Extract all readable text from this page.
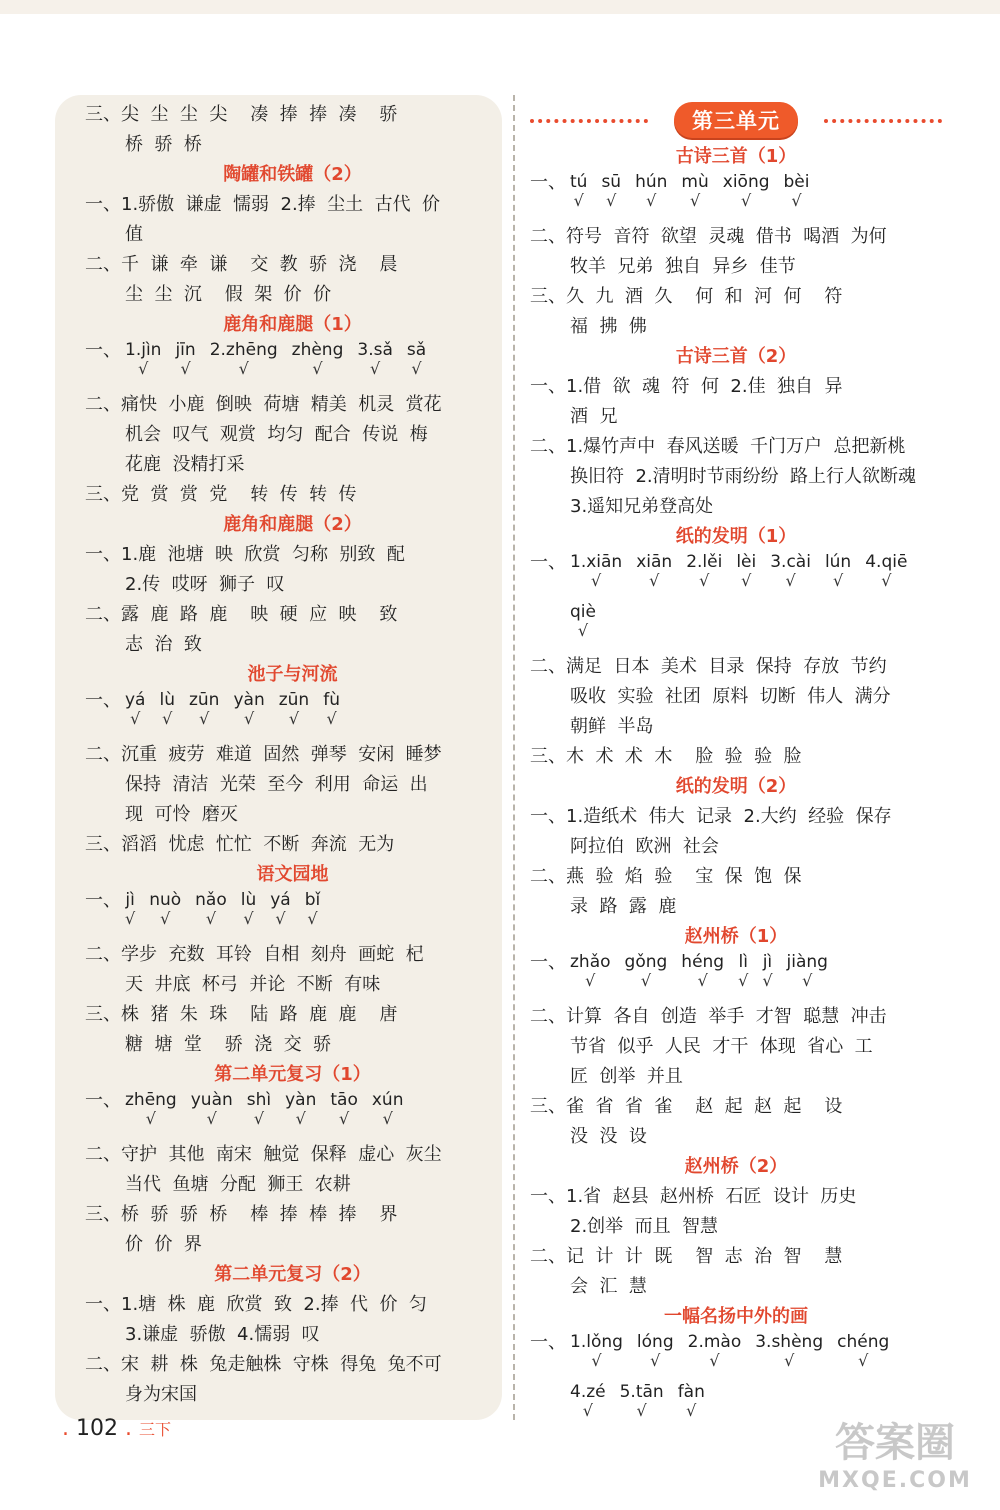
三、尖  尘  尘  尖    凑  捧  捧  凑    骄
桥  骄  桥
陶罐和铁罐（2）
一、1.骄傲  谦虚  懦弱  2.捧  尘土  古代  价
值
二、千  谦  牵  谦    交  教  骄  浇    晨
尘  尘  沉    假  架  价  价
鹿角和鹿腿（1）
一、 1.jìn
√
jīn
√
2.zhēng
√
zhèng
√
3.sǎ
√
sǎ
√
二、痛快  小鹿  倒映  荷塘  精美  机灵  赏花
机会  叹气  观赏  均匀  配合  传说  梅
花鹿  没精打采
三、党  赏  赏  党    转  传  转  传
鹿角和鹿腿（2）
一、1.鹿  池塘  映  欣赏  匀称  别致  配
2.传  哎呀  狮子  叹
二、露  鹿  路  鹿    映  硬  应  映    致
志  治  致
池子与河流
一、 yá
√
lù
√
zūn
√
yàn
√
zūn
√
fù
√
二、沉重  疲劳  难道  固然  弹琴  安闲  睡梦
保持  清洁  光荣  至今  利用  命运  出
现  可怜  磨灭
三、滔滔  忧虑  忙忙  不断  奔流  无为
语文园地
一、 jì
√
nuò
√
nǎo
√
lù
√
yá
√
bǐ
√
二、学步  充数  耳铃  自相  刻舟  画蛇  杞
天  井底  杯弓  并论  不断  有味
三、株  猪  朱  珠    陆  路  鹿  鹿    唐
糖  塘  堂    骄  浇  交  骄
第二单元复习（1）
一、 zhēng
√
yuàn
√
shì
√
yàn
√
tāo
√
xún
√
二、守护  其他  南宋  触觉  保释  虚心  灰尘
当代  鱼塘  分配  狮王  农耕
三、桥  骄  骄  桥    棒  捧  棒  捧    界
价  价  界
第二单元复习（2）
一、1.塘  株  鹿  欣赏  致  2.捧  代  价  匀
3.谦虚  骄傲  4.懦弱  叹
二、宋  耕  株  兔走触株  守株  得兔  兔不可
身为宋国
第三单元
古诗三首（1）
一、 tú
√
sū
√
hún
√
mù
√
xiōng
√
bèi
√
二、符号  音符  欲望  灵魂  借书  喝酒  为何
牧羊  兄弟  独自  异乡  佳节
三、久  九  酒  久    何  和  河  何    符
福  拂  佛
古诗三首（2）
一、1.借  欲  魂  符  何  2.佳  独自  异
酒  兄
二、1.爆竹声中  春风送暖  千门万户  总把新桃
换旧符  2.清明时节雨纷纷  路上行人欲断魂
3.遥知兄弟登高处
纸的发明（1）
一、 1.xiān
√
xiān
√
2.lěi
√
lèi
√
3.cài
√
lún
√
4.qiē
√
qiè
√
二、满足  日本  美术  目录  保持  存放  节约
吸收  实验  社团  原料  切断  伟人  满分
朝鲜  半岛
三、木  术  术  木    脸  验  验  脸
纸的发明（2）
一、1.造纸术  伟大  记录  2.大约  经验  保存
阿拉伯  欧洲  社会
二、燕  验  焰  验    宝  保  饱  保
录  路  露  鹿
赵州桥（1）
一、 zhǎo
√
gǒng
√
héng
√
lì
√
jì
√
jiàng
√
二、计算  各自  创造  举手  才智  聪慧  冲击
节省  似乎  人民  才干  体现  省心  工
匠  创举  并且
三、雀  省  省  雀    赵  起  赵  起    设
没  没  设
赵州桥（2）
一、1.省  赵县  赵州桥  石匠  设计  历史
2.创举  而且  智慧
二、记  计  计  既    智  志  治  智    慧
会  汇  慧
一幅名扬中外的画
一、 1.lǒng
√
lóng
√
2.mào
√
3.shèng
√
chéng
√
4.zé
√
5.tān
√
fàn
√
. 102 . 三下	答案圈
MXQE.COM
